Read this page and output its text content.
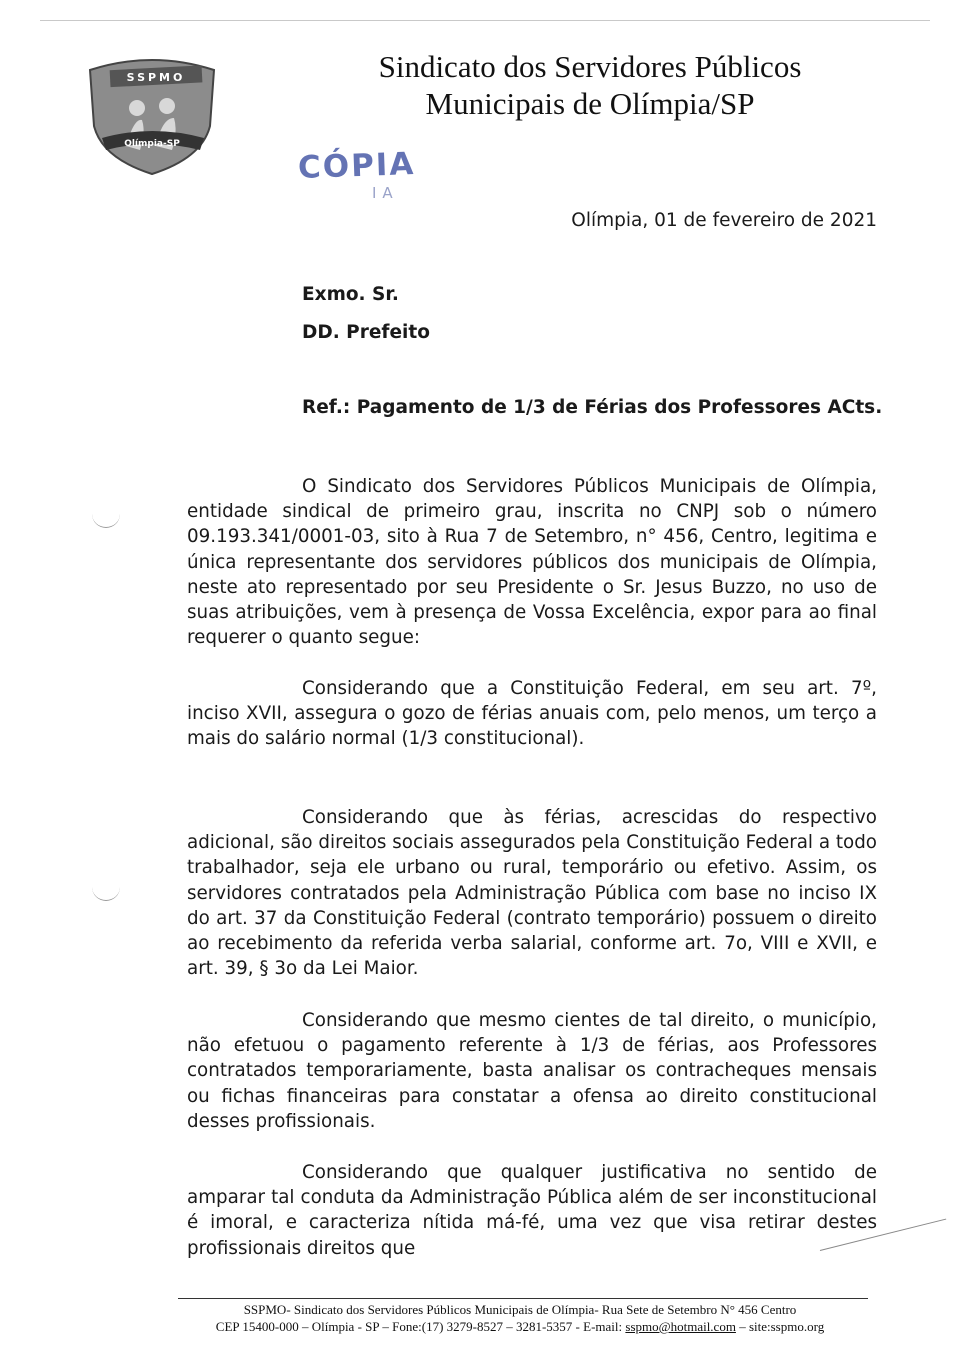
SSPMO
Olímpia-SP
Sindicato dos Servidores Públicos
Municipais de Olímpia/SP
CÓPIA
IA
Olímpia, 01 de fevereiro de 2021
Exmo. Sr.
DD. Prefeito
Ref.: Pagamento de 1/3 de Férias dos Professores ACts.

O Sindicato dos Servidores Públicos Municipais de Olímpia, entidade sindical de primeiro grau, inscrita no CNPJ sob o número 09.193.341/0001-03, sito à Rua 7 de Setembro, n° 456, Centro, legitima e única representante dos servidores públicos dos municipais de Olímpia, neste ato representado por seu Presidente o Sr. Jesus Buzzo, no uso de suas atribuições, vem à presença de Vossa Excelência, expor para ao final requerer o quanto segue:

Considerando que a Constituição Federal, em seu art. 7º, inciso XVII, assegura o gozo de férias anuais com, pelo menos, um terço a mais do salário normal (1/3 constitucional).

Considerando que às férias, acrescidas do respectivo adicional, são direitos sociais assegurados pela Constituição Federal a todo trabalhador, seja ele urbano ou rural, temporário ou efetivo. Assim, os servidores contratados pela Administração Pública com base no inciso IX do art. 37 da Constituição Federal (contrato temporário) possuem o direito ao recebimento da referida verba salarial, conforme art. 7o, VIII e XVII, e art. 39, § 3o da Lei Maior.

Considerando que mesmo cientes de tal direito, o município, não efetuou o pagamento referente à 1/3 de férias, aos Professores contratados temporariamente, basta analisar os contracheques mensais ou fichas financeiras para constatar a ofensa ao direito constitucional desses profissionais.

Considerando que qualquer justificativa no sentido de amparar tal conduta da Administração Pública além de ser inconstitucional é imoral, e caracteriza nítida má-fé, uma vez que visa retirar destes profissionais direitos que

SSPMO- Sindicato dos Servidores Públicos Municipais de Olímpia- Rua Sete de Setembro N° 456 Centro
CEP 15400-000 – Olímpia - SP – Fone:(17) 3279-8527 – 3281-5357 - E-mail: sspmo@hotmail.com – site:sspmo.org
